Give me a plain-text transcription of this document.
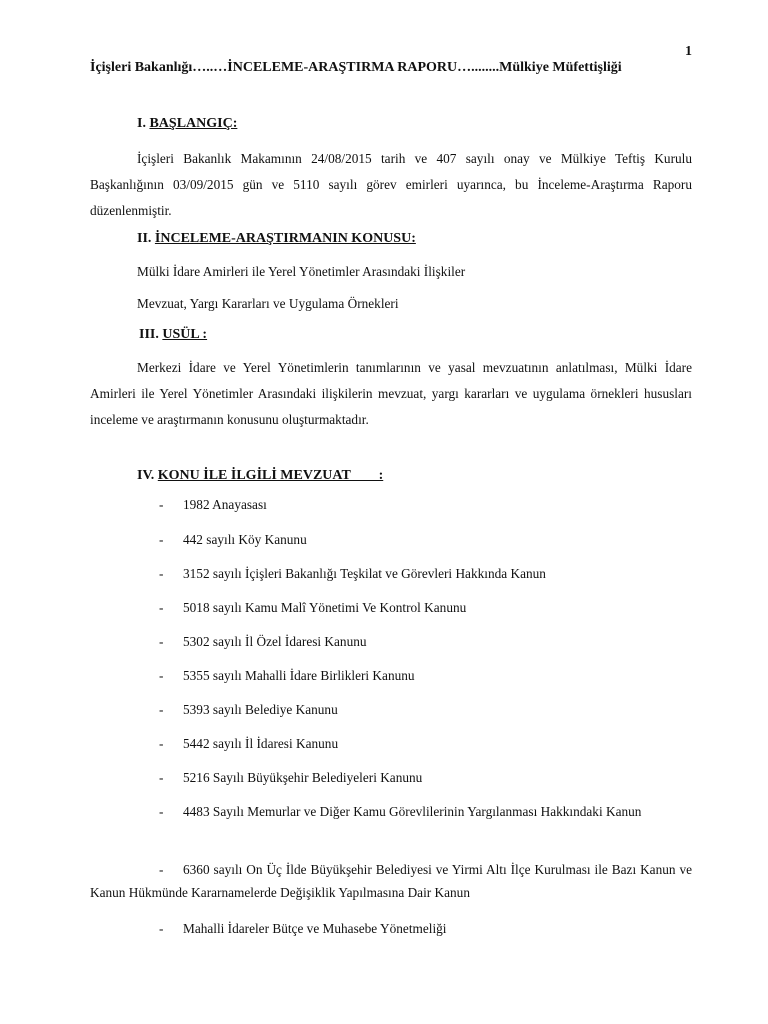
1
İçişleri Bakanlığı…..…İNCELEME-ARAŞTIRMA RAPORU…........Mülkiye Müfettişliği
I. BAŞLANGIÇ:

İçişleri Bakanlık Makamının 24/08/2015 tarih ve 407 sayılı onay ve Mülkiye Teftiş Kurulu Başkanlığının 03/09/2015 gün ve 5110 sayılı görev emirleri uyarınca, bu İnceleme-Araştırma Raporu düzenlenmiştir.

II. İNCELEME-ARAŞTIRMANIN KONUSU:
Mülki İdare Amirleri ile Yerel Yönetimler Arasındaki İlişkiler
Mevzuat, Yargı Kararları ve Uygulama Örnekleri
III. USÜL :

Merkezi İdare ve Yerel Yönetimlerin tanımlarının ve yasal mevzuatının anlatılması, Mülki İdare Amirleri ile Yerel Yönetimler Arasındaki ilişkilerin mevzuat, yargı kararları ve uygulama örnekleri hususları inceleme ve araştırmanın konusunu oluşturmaktadır.

IV. KONU İLE İLGİLİ MEVZUAT        :
- 1982 Anayasası
- 442 sayılı Köy Kanunu
- 3152 sayılı İçişleri Bakanlığı Teşkilat ve Görevleri Hakkında Kanun
- 5018 sayılı Kamu Malî Yönetimi Ve Kontrol Kanunu
- 5302 sayılı İl Özel İdaresi Kanunu
- 5355 sayılı Mahalli İdare Birlikleri Kanunu
- 5393 sayılı Belediye Kanunu
- 5442 sayılı İl İdaresi Kanunu
- 5216 Sayılı Büyükşehir Belediyeleri Kanunu
- 4483 Sayılı Memurlar ve Diğer Kamu Görevlilerinin Yargılanması Hakkındaki Kanun
- 6360 sayılı On Üç İlde Büyükşehir Belediyesi ve Yirmi Altı İlçe Kurulması ile Bazı Kanun ve Kanun Hükmünde Kararnamelerde Değişiklik Yapılmasına Dair Kanun
- Mahalli İdareler Bütçe ve Muhasebe Yönetmeliği
